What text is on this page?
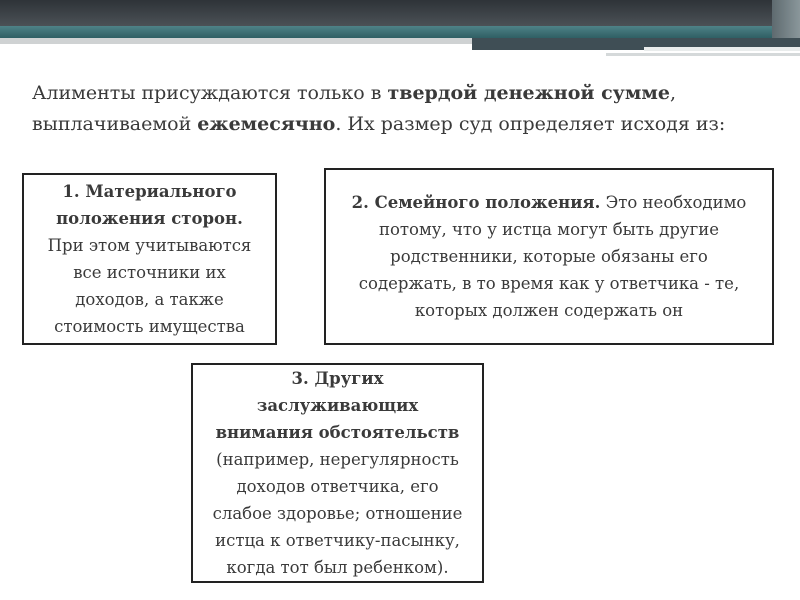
Алименты присуждаются только в твердой денежной сумме, выплачиваемой ежемесячно. Их размер суд определяет исходя из:

1. Материального положения сторон. При этом учитываются все источники их доходов, а также стоимость имущества

2. Семейного положения. Это необходимо потому, что у истца могут быть другие родственники, которые обязаны его содержать, в то время как у ответчика - те, которых должен содержать он

3. Других заслуживающих внимания обстоятельств (например, нерегулярность доходов ответчика, его слабое здоровье; отношение истца к ответчику-пасынку, когда тот был ребенком).
